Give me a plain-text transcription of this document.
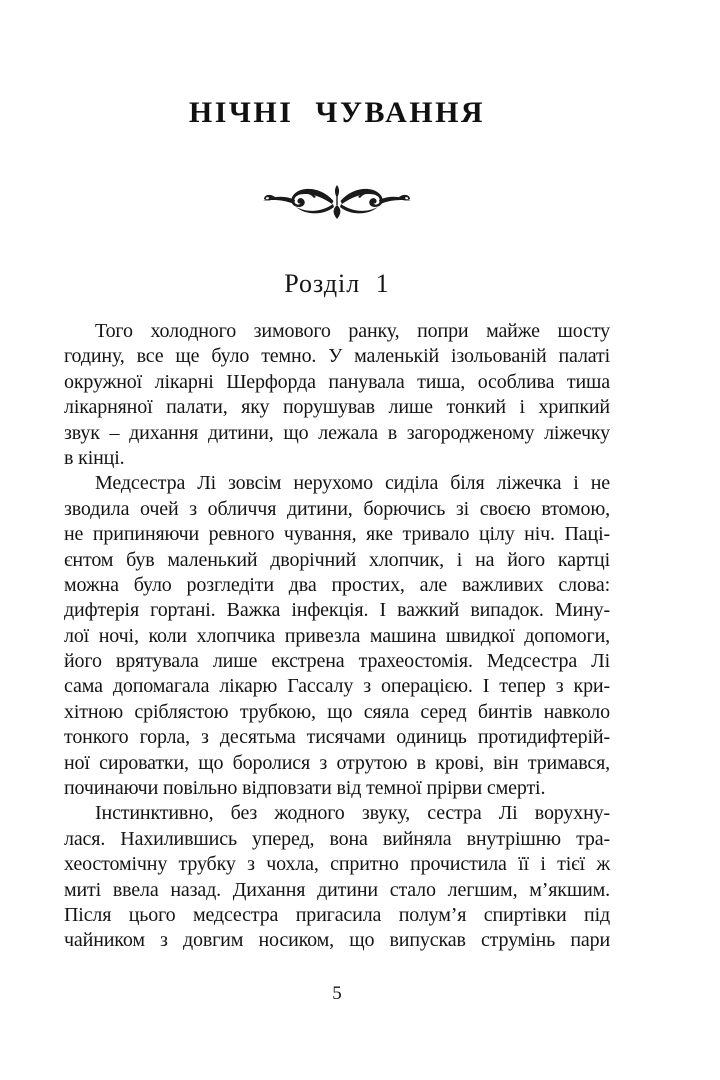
НІЧНІ ЧУВАННЯ
Розділ 1
Того холодного зимового ранку, попри майже шосту
годину, все ще було темно. У маленькій ізольованій палаті
окружної лікарні Шерфорда панувала тиша, особлива тиша
лікарняної палати, яку порушував лише тонкий і хрипкий
звук – дихання дитини, що лежала в загородженому ліжечку
в кінці.
Медсестра Лі зовсім нерухомо сиділа біля ліжечка і не
зводила очей з обличчя дитини, борючись зі своєю втомою,
не припиняючи ревного чування, яке тривало цілу ніч. Паці-
єнтом був маленький дворічний хлопчик, і на його картці
можна було розгледіти два простих, але важливих слова:
дифтерія гортані. Важка інфекція. І важкий випадок. Мину-
лої ночі, коли хлопчика привезла машина швидкої допомоги,
його врятувала лише екстрена трахеостомія. Медсестра Лі
сама допомагала лікарю Гассалу з операцією. І тепер з кри-
хітною сріблястою трубкою, що сяяла серед бинтів навколо
тонкого горла, з десятьма тисячами одиниць протидифтерій-
ної сироватки, що боролися з отрутою в крові, він тримався,
починаючи повільно відповзати від темної прірви смерті.
Інстинктивно, без жодного звуку, сестра Лі ворухну-
лася. Нахилившись уперед, вона вийняла внутрішню тра-
хеостомічну трубку з чохла, спритно прочистила її і тієї ж
миті ввела назад. Дихання дитини стало легшим, м’якшим.
Після цього медсестра пригасила полум’я спиртівки під
чайником з довгим носиком, що випускав струмінь пари
5
